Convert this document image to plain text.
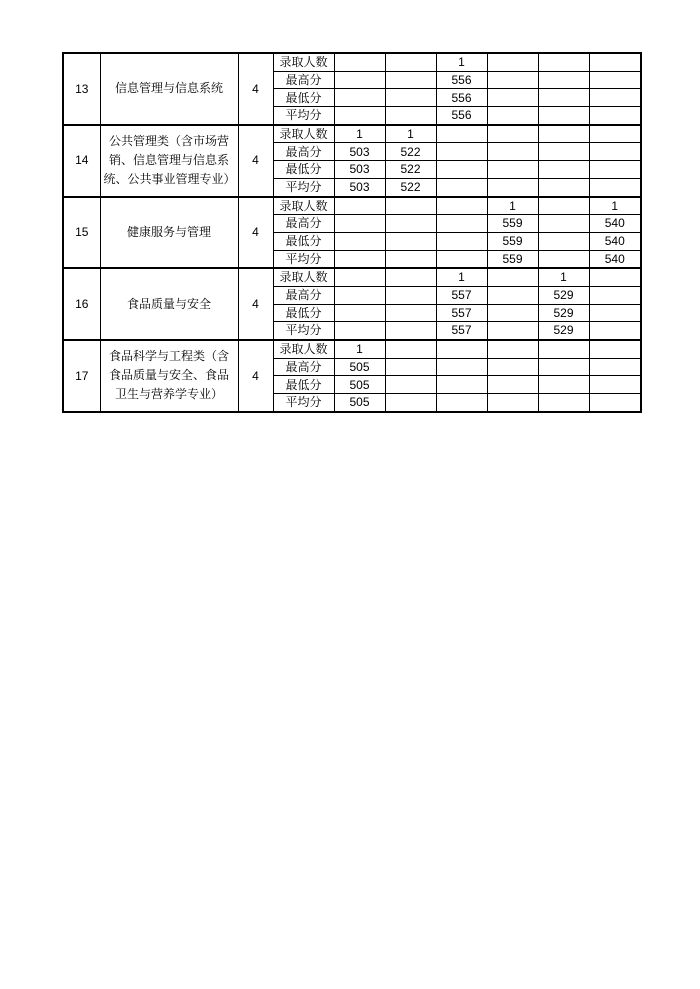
13	信息管理与信息系统	4	录取人数			1			
			最高分			556			
			最低分			556			
			平均分			556			
14	公共管理类（含市场营销、信息管理与信息系统、公共事业管理专业）	4	录取人数	1	1				
			最高分	503	522				
			最低分	503	522				
			平均分	503	522				
15	健康服务与管理	4	录取人数				1		1
			最高分				559		540
			最低分				559		540
			平均分				559		540
16	食品质量与安全	4	录取人数			1		1	
			最高分			557		529	
			最低分			557		529	
			平均分			557		529	
17	食品科学与工程类（含食品质量与安全、食品卫生与营养学专业）	4	录取人数	1					
			最高分	505					
			最低分	505					
			平均分	505					
